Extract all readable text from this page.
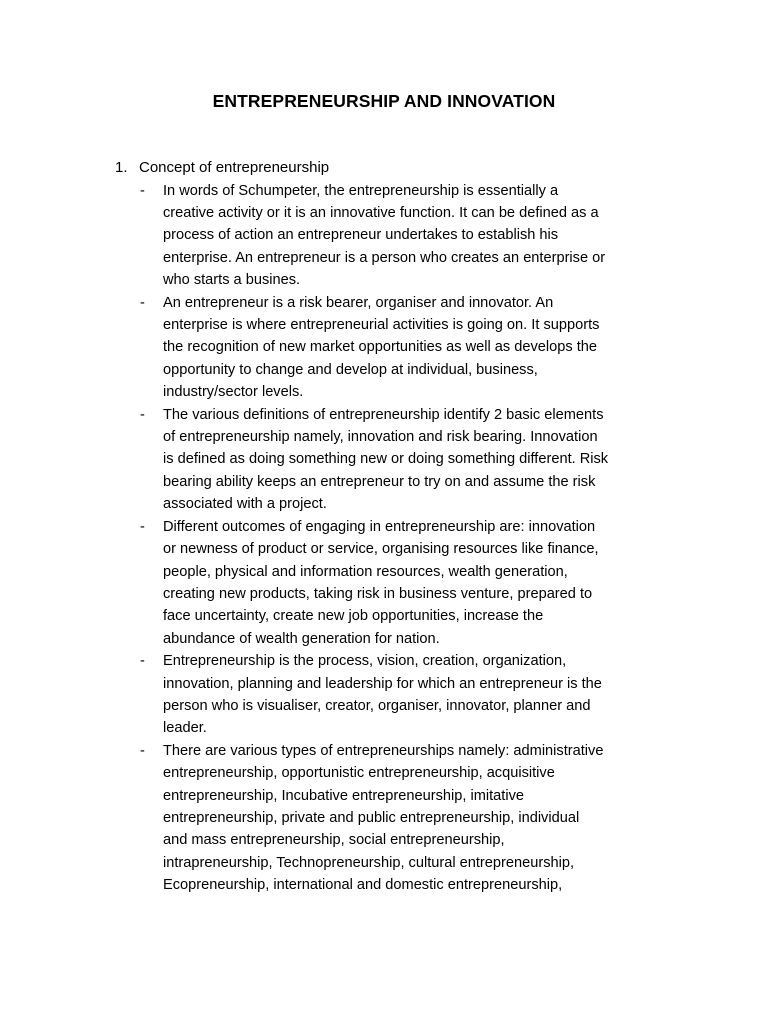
ENTREPRENEURSHIP AND INNOVATION
1. Concept of entrepreneurship
-	In words of Schumpeter, the entrepreneurship is essentially a
creative activity or it is an innovative function. It can be defined as a
process of action an entrepreneur undertakes to establish his
enterprise. An entrepreneur is a person who creates an enterprise or
who starts a busines.
-	An entrepreneur is a risk bearer, organiser and innovator. An
enterprise is where entrepreneurial activities is going on. It supports
the recognition of new market opportunities as well as develops the
opportunity to change and develop at individual, business,
industry/sector levels.
-	The various definitions of entrepreneurship identify 2 basic elements
of entrepreneurship namely, innovation and risk bearing. Innovation
is defined as doing something new or doing something different. Risk
bearing ability keeps an entrepreneur to try on and assume the risk
associated with a project.
-	Different outcomes of engaging in entrepreneurship are: innovation
or newness of product or service, organising resources like finance,
people, physical and information resources, wealth generation,
creating new products, taking risk in business venture, prepared to
face uncertainty, create new job opportunities, increase the
abundance of wealth generation for nation.
-	Entrepreneurship is the process, vision, creation, organization,
innovation, planning and leadership for which an entrepreneur is the
person who is visualiser, creator, organiser, innovator, planner and
leader.
-	There are various types of entrepreneurships namely: administrative
entrepreneurship, opportunistic entrepreneurship, acquisitive
entrepreneurship, Incubative entrepreneurship, imitative
entrepreneurship, private and public entrepreneurship, individual
and mass entrepreneurship, social entrepreneurship,
intrapreneurship, Technopreneurship, cultural entrepreneurship,
Ecopreneurship, international and domestic entrepreneurship,
